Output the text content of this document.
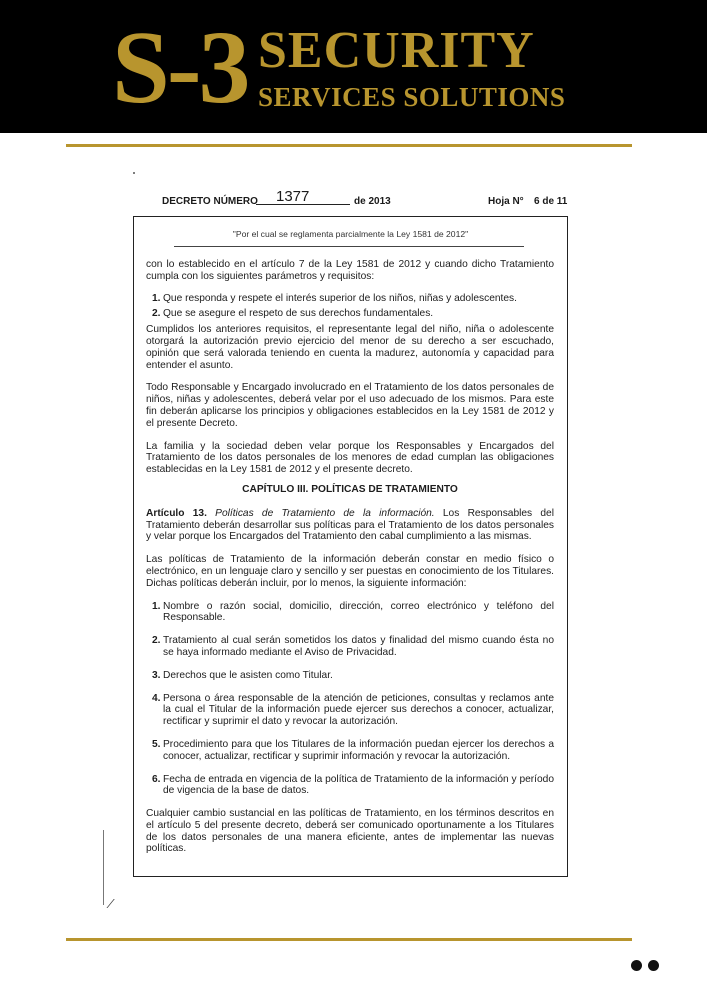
S-3 SECURITY
SERVICES SOLUTIONS
DECRETO NÚMERO 1377	de 2013	Hoja N° 6 de 11
"Por el cual se reglamenta parcialmente la Ley 1581 de 2012"

con lo establecido en el artículo 7 de la Ley 1581 de 2012 y cuando dicho Tratamiento cumpla con los siguientes parámetros y requisitos:

1. Que responda y respete el interés superior de los niños, niñas y adolescentes.
2. Que se asegure el respeto de sus derechos fundamentales.

Cumplidos los anteriores requisitos, el representante legal del niño, niña o adolescente otorgará la autorización previo ejercicio del menor de su derecho a ser escuchado, opinión que será valorada teniendo en cuenta la madurez, autonomía y capacidad para entender el asunto.

Todo Responsable y Encargado involucrado en el Tratamiento de los datos personales de niños, niñas y adolescentes, deberá velar por el uso adecuado de los mismos. Para este fin deberán aplicarse los principios y obligaciones establecidos en la Ley 1581 de 2012 y el presente Decreto.

La familia y la sociedad deben velar porque los Responsables y Encargados del Tratamiento de los datos personales de los menores de edad cumplan las obligaciones establecidas en la Ley 1581 de 2012 y el presente decreto.

CAPÍTULO III. POLÍTICAS DE TRATAMIENTO

Artículo 13. Políticas de Tratamiento de la información. Los Responsables del Tratamiento deberán desarrollar sus políticas para el Tratamiento de los datos personales y velar porque los Encargados del Tratamiento den cabal cumplimiento a las mismas.

Las políticas de Tratamiento de la información deberán constar en medio físico o electrónico, en un lenguaje claro y sencillo y ser puestas en conocimiento de los Titulares. Dichas políticas deberán incluir, por lo menos, la siguiente información:

1. Nombre o razón social, domicilio, dirección, correo electrónico y teléfono del Responsable.
2. Tratamiento al cual serán sometidos los datos y finalidad del mismo cuando ésta no se haya informado mediante el Aviso de Privacidad.
3. Derechos que le asisten como Titular.
4. Persona o área responsable de la atención de peticiones, consultas y reclamos ante la cual el Titular de la información puede ejercer sus derechos a conocer, actualizar, rectificar y suprimir el dato y revocar la autorización.
5. Procedimiento para que los Titulares de la información puedan ejercer los derechos a conocer, actualizar, rectificar y suprimir información y revocar la autorización.
6. Fecha de entrada en vigencia de la política de Tratamiento de la información y período de vigencia de la base de datos.

Cualquier cambio sustancial en las políticas de Tratamiento, en los términos descritos en el artículo 5 del presente decreto, deberá ser comunicado oportunamente a los Titulares de los datos personales de una manera eficiente, antes de implementar las nuevas políticas.

⁄
